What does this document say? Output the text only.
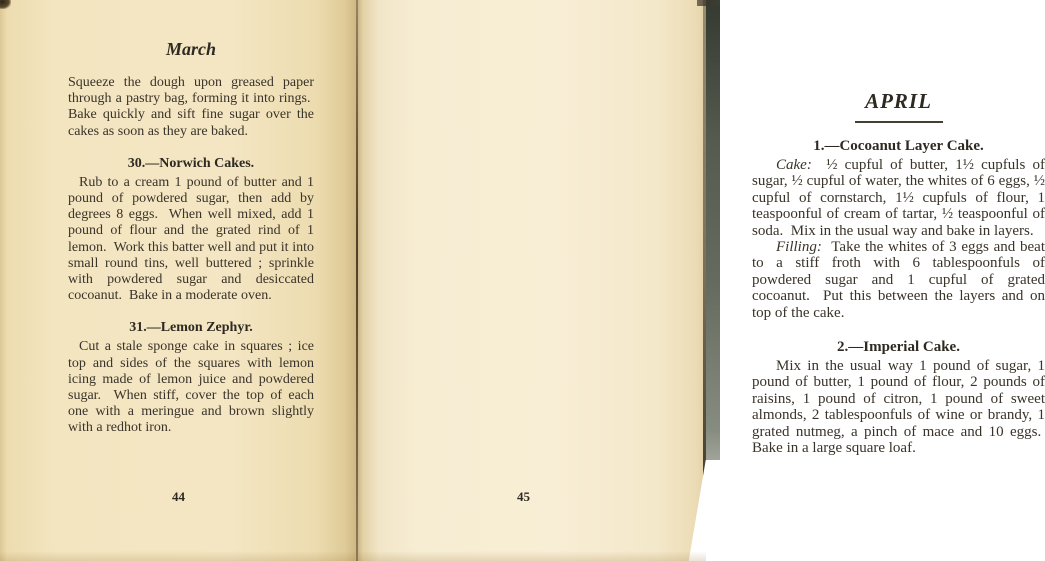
March

Squeeze the dough upon greased paper through a pastry bag, forming it into rings.  Bake quickly and sift fine sugar over the cakes as soon as they are baked.

30.—Norwich Cakes.

Rub to a cream 1 pound of butter and 1 pound of powdered sugar, then add by degrees 8 eggs.  When well mixed, add 1 pound of flour and the grated rind of 1 lemon.  Work this batter well and put it into small round tins, well buttered ; sprinkle with powdered sugar and desiccated cocoanut.  Bake in a moderate oven.

31.—Lemon Zephyr.

Cut a stale sponge cake in squares ; ice top and sides of the squares with lemon icing made of lemon juice and powdered sugar.  When stiff, cover the top of each one with a meringue and brown slightly with a redhot iron.

44
APRIL
1.—Cocoanut Layer Cake.

Cake:  ½ cupful of butter, 1½ cupfuls of sugar, ½ cupful of water, the whites of 6 eggs, ½ cupful of cornstarch, 1½ cupfuls of flour, 1 teaspoonful of cream of tartar, ½ teaspoonful of soda.  Mix in the usual way and bake in layers.

Filling:  Take the whites of 3 eggs and beat to a stiff froth with 6 tablespoonfuls of powdered sugar and 1 cupful of grated cocoanut.  Put this between the layers and on top of the cake.

2.—Imperial Cake.

Mix in the usual way 1 pound of sugar, 1 pound of butter, 1 pound of flour, 2 pounds of raisins, 1 pound of citron, 1 pound of sweet almonds, 2 tablespoonfuls of wine or brandy, 1 grated nutmeg, a pinch of mace and 10 eggs.  Bake in a large square loaf.

45
